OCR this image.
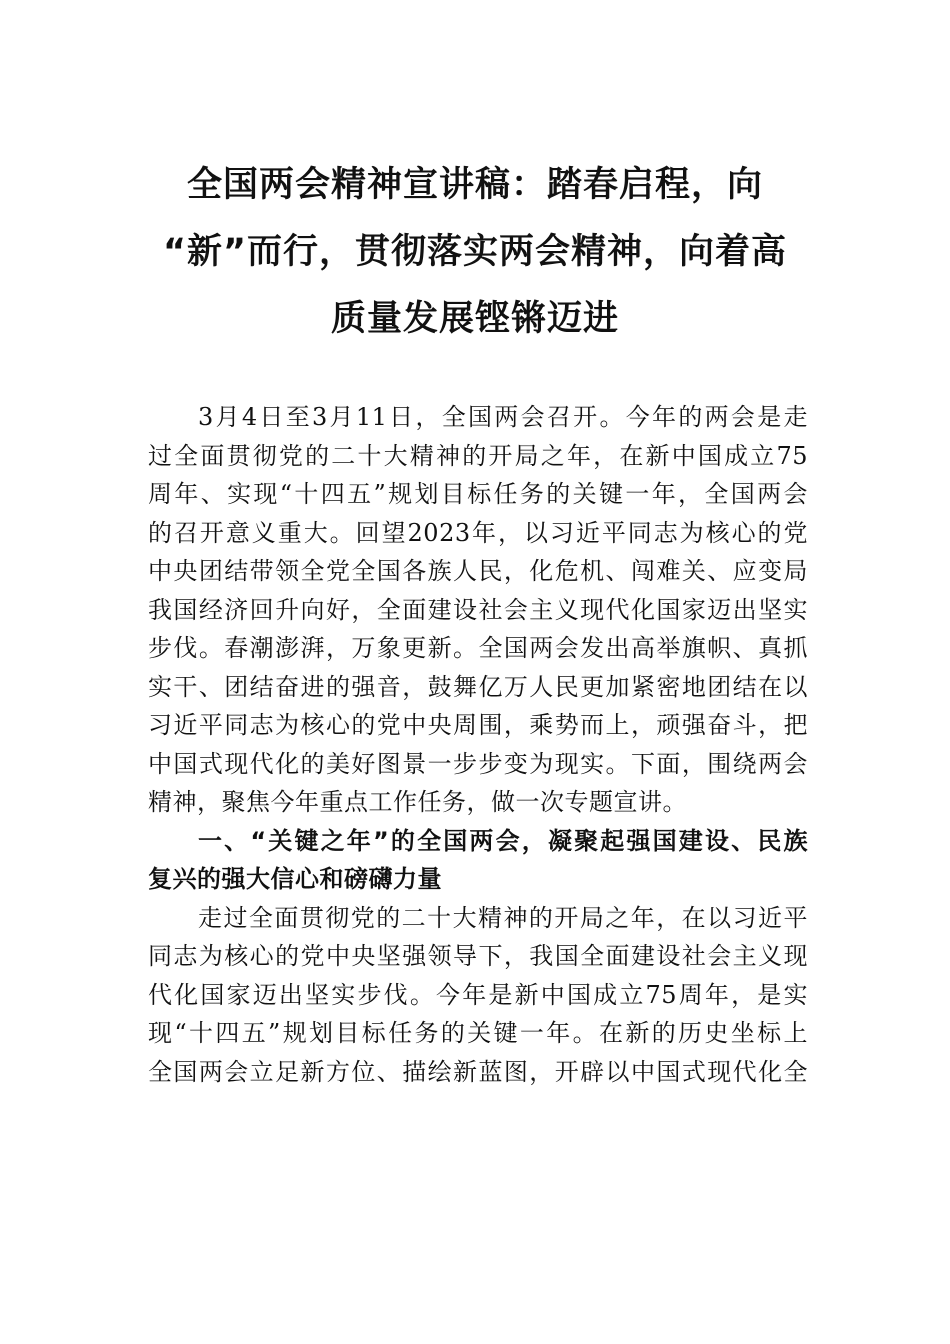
全国两会精神宣讲稿：踏春启程，向
“新”而行，贯彻落实两会精神，向着高
质量发展铿锵迈进
3月4日至3月11日，全国两会召开。今年的两会是走
过全面贯彻党的二十大精神的开局之年，在新中国成立75
周年、实现“十四五”规划目标任务的关键一年，全国两会
的召开意义重大。回望2023年，以习近平同志为核心的党
中央团结带领全党全国各族人民，化危机、闯难关、应变局
我国经济回升向好，全面建设社会主义现代化国家迈出坚实
步伐。春潮澎湃，万象更新。全国两会发出高举旗帜、真抓
实干、团结奋进的强音，鼓舞亿万人民更加紧密地团结在以
习近平同志为核心的党中央周围，乘势而上，顽强奋斗，把
中国式现代化的美好图景一步步变为现实。下面，围绕两会
精神，聚焦今年重点工作任务，做一次专题宣讲。
一、“关键之年”的全国两会，凝聚起强国建设、民族
复兴的强大信心和磅礴力量
走过全面贯彻党的二十大精神的开局之年，在以习近平
同志为核心的党中央坚强领导下，我国全面建设社会主义现
代化国家迈出坚实步伐。今年是新中国成立75周年，是实
现“十四五”规划目标任务的关键一年。在新的历史坐标上
全国两会立足新方位、描绘新蓝图，开辟以中国式现代化全
